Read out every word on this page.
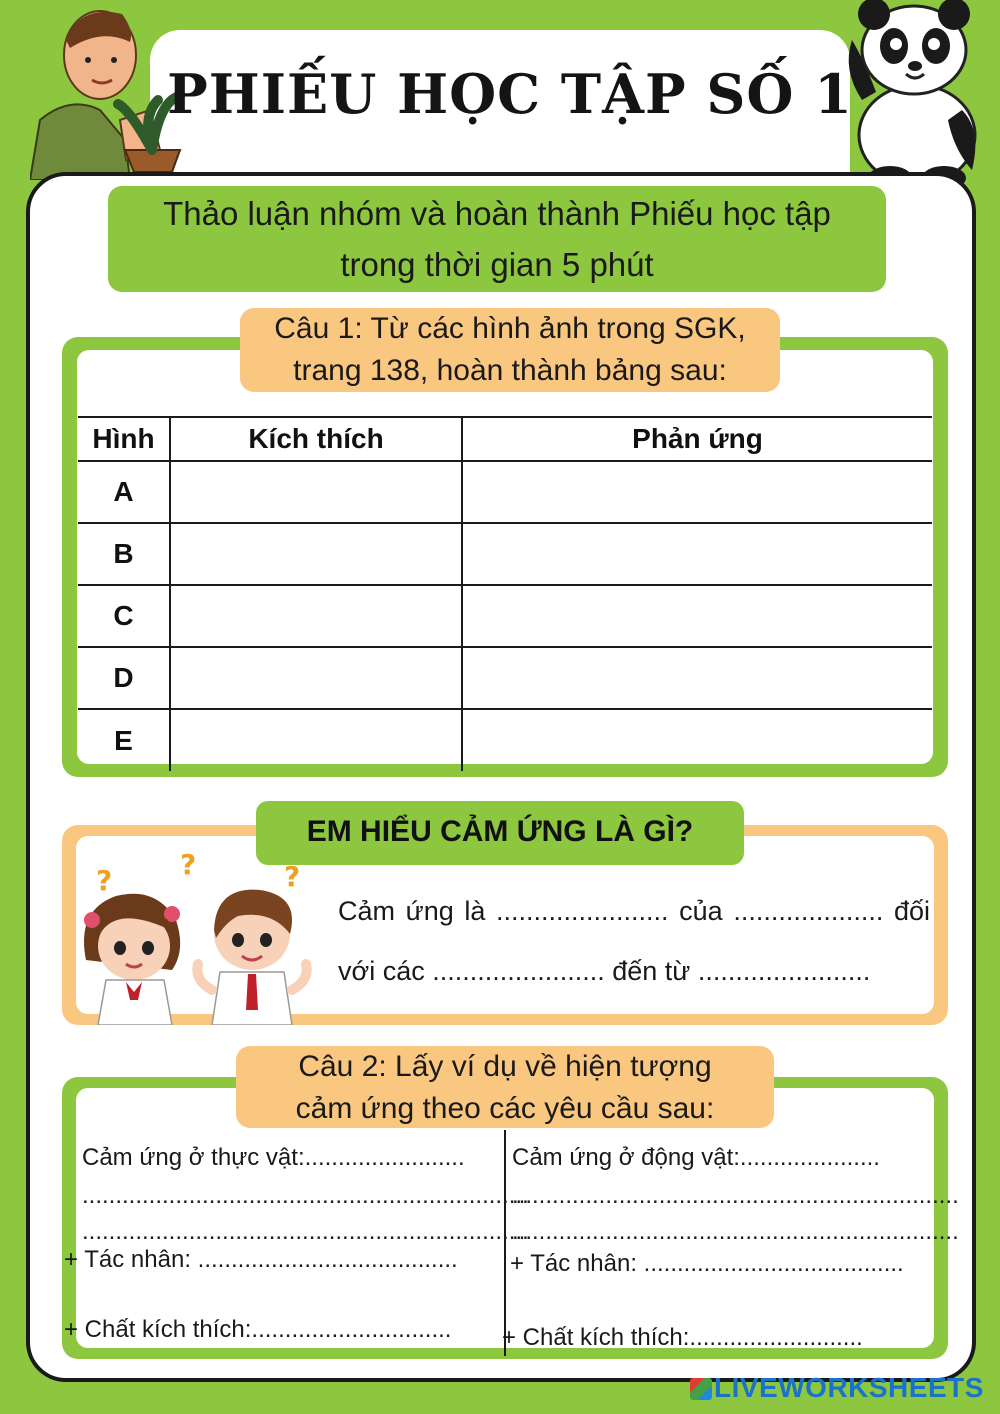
PHIẾU HỌC TẬP SỐ 1
Thảo luận nhóm và hoàn thành Phiếu học tập
trong thời gian 5 phút
Câu 1: Từ các hình ảnh trong SGK,
trang 138, hoàn thành bảng sau:
Hình	Kích thích	Phản ứng
A		
B		
C		
D		
E		
EM HIỂU CẢM ỨNG LÀ GÌ?
? ?	?
Cảm ứng là ....................... của .................... đối
với các ....................... đến từ .......................
Câu 2: Lấy ví dụ về hiện tượng
cảm ứng theo các yêu cầu sau:
Cảm ứng ở thực vật:........................
...................................................................
...................................................................
+ Tác nhân: .......................................
+ Chất kích thích:..............................
Cảm ứng ở động vật:.....................
...................................................................
...................................................................
+ Tác nhân: .......................................
+ Chất kích thích:..........................
LIVEWORKSHEETS
